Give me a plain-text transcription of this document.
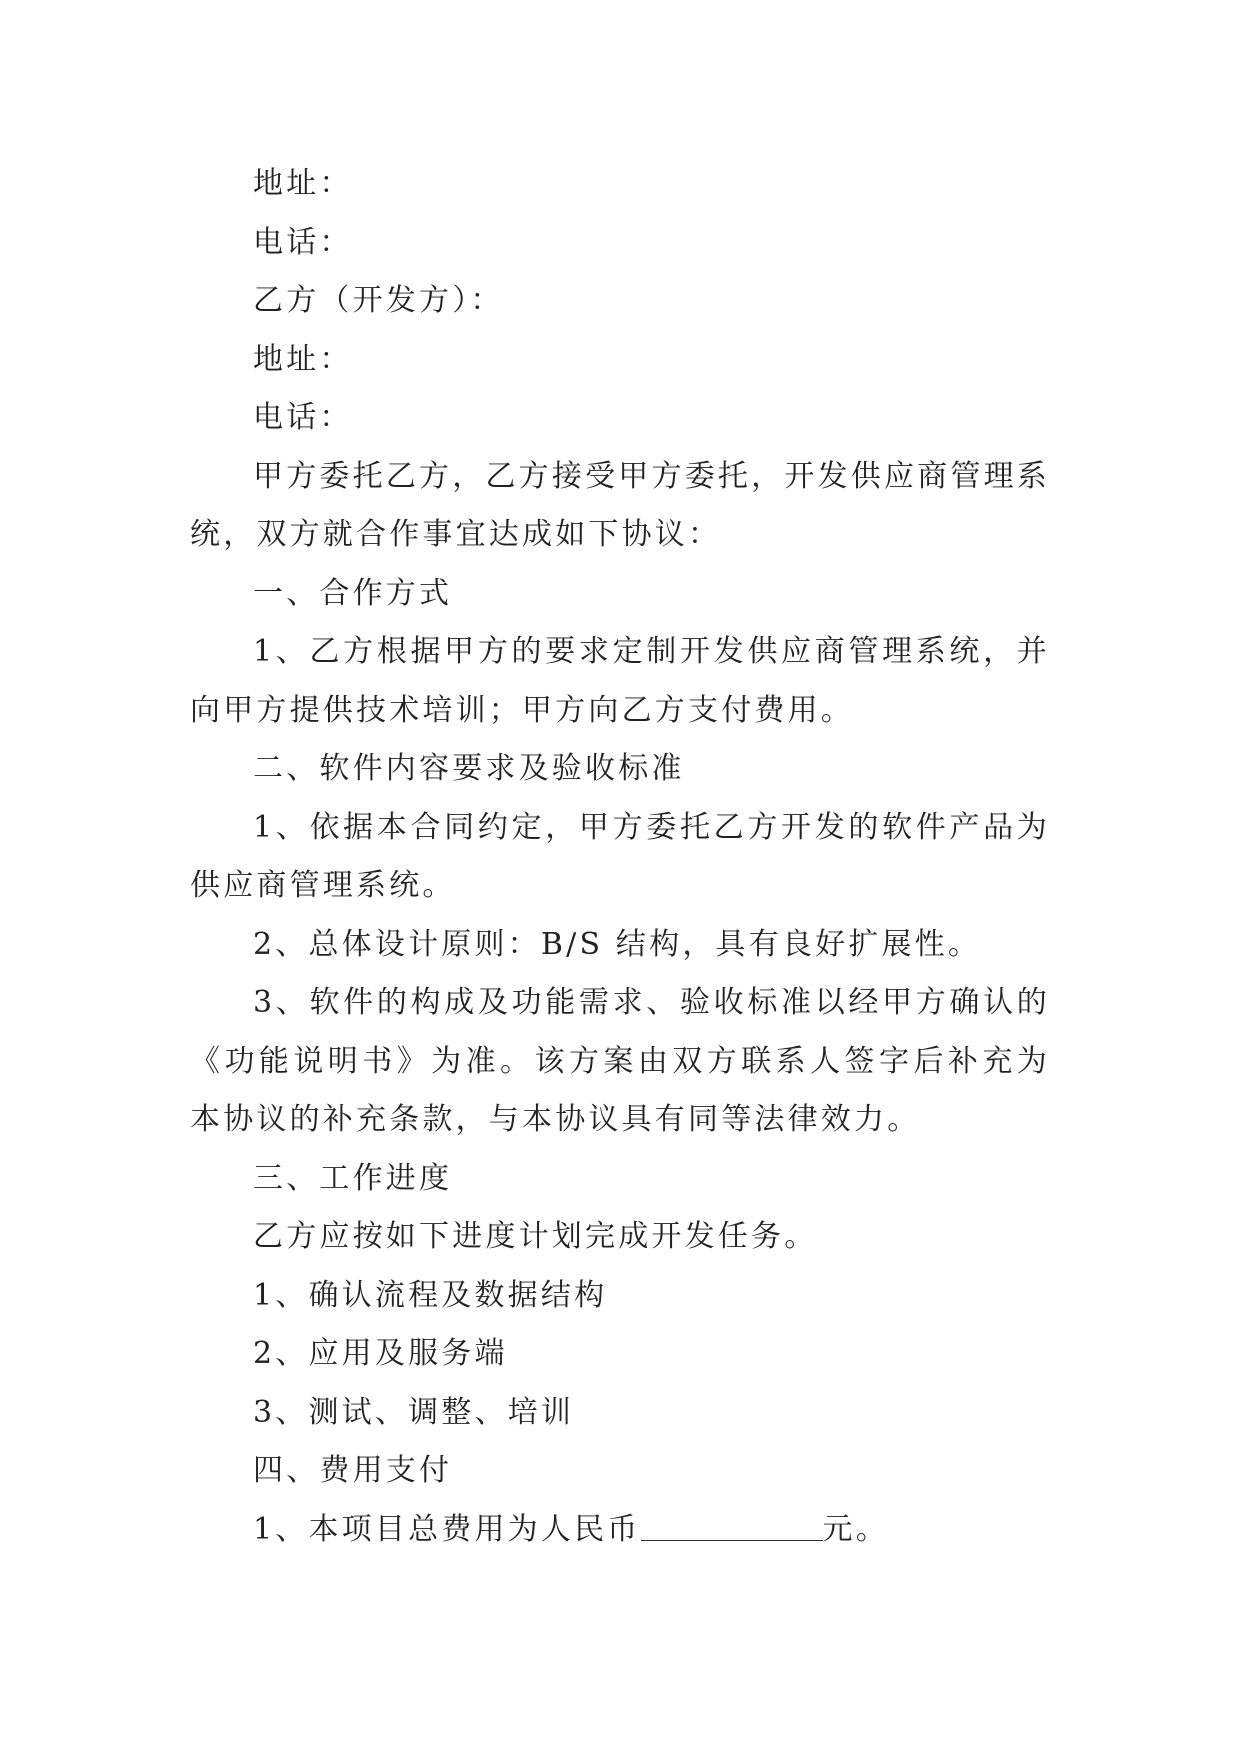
地址：

电话：

乙方（开发方）：

地址：

电话：

甲方委托乙方，乙方接受甲方委托，开发供应商管理系统，双方就合作事宜达成如下协议：

一、合作方式

1、乙方根据甲方的要求定制开发供应商管理系统，并向甲方提供技术培训；甲方向乙方支付费用。

二、软件内容要求及验收标准

1、依据本合同约定，甲方委托乙方开发的软件产品为供应商管理系统。

2、总体设计原则：B/S 结构，具有良好扩展性。

3、软件的构成及功能需求、验收标准以经甲方确认的《功能说明书》为准。该方案由双方联系人签字后补充为本协议的补充条款，与本协议具有同等法律效力。

三、工作进度

乙方应按如下进度计划完成开发任务。

1、确认流程及数据结构

2、应用及服务端

3、测试、调整、培训

四、费用支付

1、本项目总费用为人民币	元。
